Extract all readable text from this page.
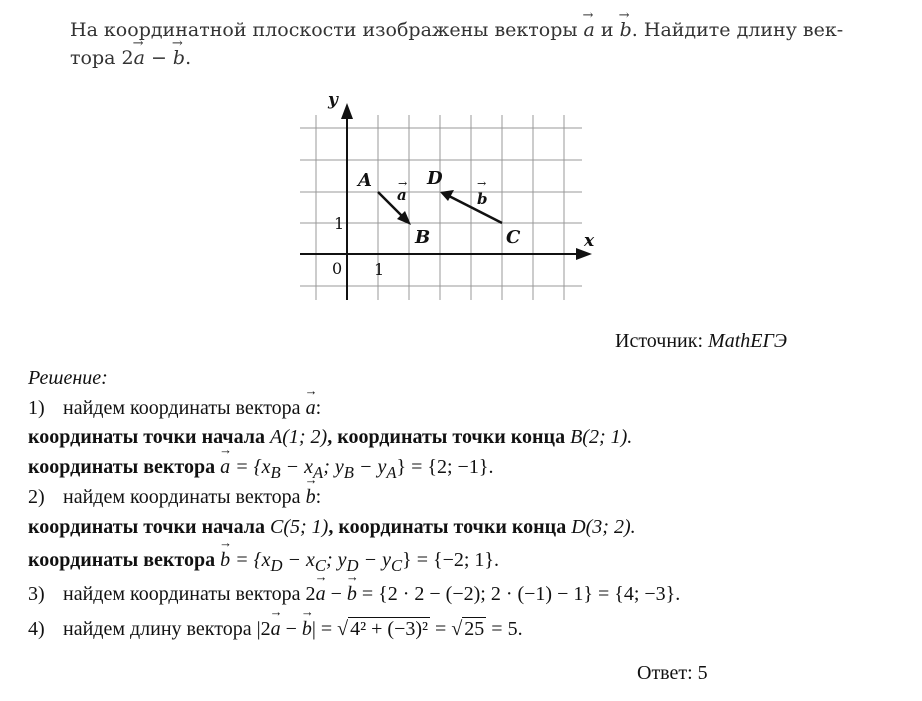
На координатной плоскости изображены векторы → a и → b. Найдите длину век-
тора 2→ a − → b.
y
x
0 1
1
A
B	C
D
a
→
b
→
Источник: MathЕГЭ
Решение:
1) найдем координаты вектора → a:
координаты точки начала A(1; 2), координаты точки конца B(2; 1).
координаты вектора → $a = \{x_B - x_A$; $y_B - y_A\} = \{2$; −1}.
2) найдем координаты вектора → b:
координаты точки начала C(5; 1), координаты точки конца D(3; 2).
координаты вектора → $b = \{x_D - x_C$; $y_D - y_C\} = \{-2$; 1}.
3) найдем координаты вектора 2→ a − → b = {2 · 2 − (−2); 2 · (−1) − 1} = {4; −3}.
4) найдем длину вектора |2→ a − → b| = √ 4² + (−3)² = √ 25 = 5.
Ответ: 5
